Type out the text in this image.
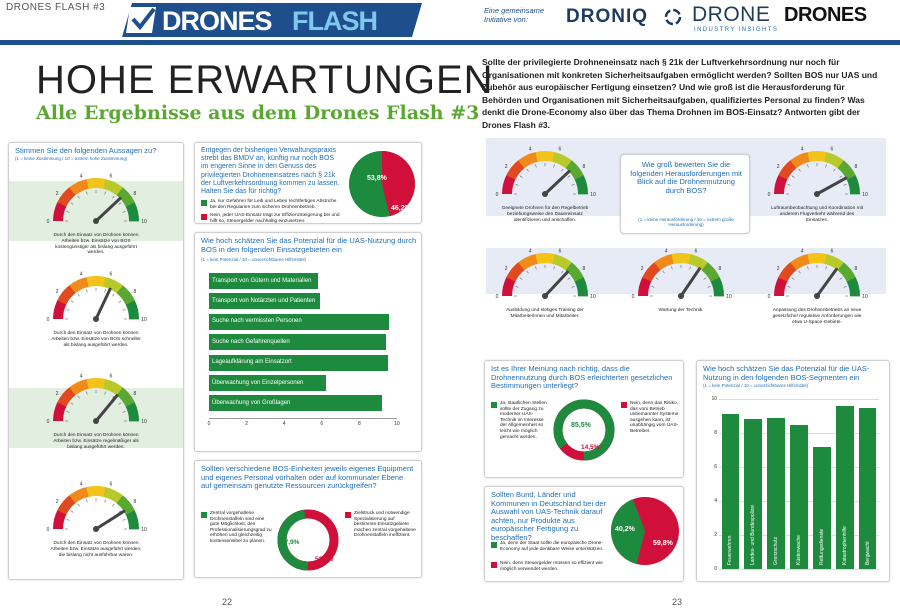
DRONES FLASH #3 DRONES FLASH	Eine gemeinsame
Initiative von:	DRONIQ DRONE
INDUSTRY INSIGHTS
DRONES
HOHE ERWARTUNGEN
Alle Ergebnisse aus dem Drones Flash #3
Sollte der privilegierte Drohneneinsatz nach § 21k der Luftverkehrsordnung nur noch für Organisationen mit konkreten Sicherheitsaufgaben ermöglicht werden? Sollten BOS nur UAS und Zubehör aus europäischer Fertigung einsetzen? Und wie groß ist die Herausforderung für Behörden und Organisationen mit Sicherheitsaufgaben, qualifiziertes Personal zu finden? Was denkt die Drone-Economy also über das Thema Drohnen im BOS-Einsatz? Antworten gibt der Drones Flash #3.
Stimmen Sie den folgenden Aussagen zu?
(1 = keine Zustimmung / 10 = extrem hohe Zustimmung)
0
2
4	6
8
10
Durch den Einsatz von Drohnen können Arbeiten bzw. Einsätze von BOS kostengünstiger als bislang ausgeführt werden.
0
2
4	6
8
10
Durch den Einsatz von Drohnen können Arbeiten bzw. Einsätze von BOS schneller als bislang ausgeführt werden.
0
2
4	6
8
10
Durch den Einsatz von Drohnen können Arbeiten bzw. Einsätze regelmäßiger als bislang ausgeführt werden.
0
2
4	6
8
10
Durch den Einsatz von Drohnen können Arbeiten bzw. Einsätze ausgeführt werden, die bislang nicht ausführbar waren.
Entgegen der bisherigen Verwaltungspraxis strebt das BMDV an, künftig nur noch BOS im engeren Sinne in den Genuss des privilegierten Drohneneinsatzes nach § 21k der Luftverkehrsordnung kommen zu lassen. Halten Sie das für richtig?
Ja, nur Gefahren für Leib und Leben rechtfertigen Abstriche bei den Regularien zum sicheren Drohnenbetrieb.
Nein, jeder UAS-Einsatz trägt zur Effizienzsteigerung bei und hilft so, Steuergelder nachhaltig einzusetzen.
53,8%
46,2%
Wie hoch schätzen Sie das Potenzial für die UAS-Nutzung durch BOS in den folgenden Einsatzgebieten ein
(1 = kein Potenzial / 10 = unverzichtbares Hilfsmittel)
Transport von Gütern und Materialien
Transport von Notärzten und Patienten
Suche nach vermissten Personen
Suche nach Gefahrenquellen
Lageaufklärung am Einsatzort
Überwachung von Einzelpersonen
Überwachung von Großlagen
0	2	4	6	8	10
Sollten verschiedene BOS-Einheiten jeweils eigenes Equipment und eigenes Personal vorhalten oder auf kommunaler Ebene auf gemeinsam genutzte Ressourcen zurückgreifen?
Zentral vorgehaltene Drohnenstaffeln sind eine gute Möglichkeit, den Professionalisierungsgrad zu erhöhen und gleichzeitig kostensensibel zu planen.	47,9%
52,1%
Zielstruck und notwendige Spezialisierung auf bestimmte Einsatzgebiete machen zentral vorgehaltene Drohnenstaffeln ineffizient.
Wie groß bewerten Sie die folgenden Herausforderungen mit Blick auf die Drohnennutzung durch BOS?
(1 = keine Herausforderung / 10 = extrem große Herausforderung)
0
2
4	6
8
10
Geeignete Drohnen für den Regelbetrieb beziehungsweise den Dauereinsatz identifizieren und anschaffen.
0
2
4	6
8
10
Luftraumbeobachtung und Koordination mit anderem Flugverkehr während des Einsatzes.
0
2
4	6
8
10
Ausbildung und stetiges Training der Mitarbeiterinnen und Mitarbeiter.
0
2
4	6
8
10
Wartung der Technik.
0
2
4	6
8
10
Anpassung des Drohnenbetriebs an neue gesetzliche/ regulative Anforderungen wie etwa U-Space-Gebiete.
Ist es Ihrer Meinung nach richtig, dass die Drohnennutzung durch BOS erleichterten gesetzlichen Bestimmungen unterliegt?
Ja, staatlichen Stellen sollte der Zugang zu moderner UAS-Technik im Interesse der Allgemeinheit so leicht wie möglich gemacht werden.
85,5%
14,5%
Nein, denn das Risiko, das vom Betrieb unbemannter Systeme ausgehen kann, ist unabhängig vom UAS-Betreiber.
Sollten Bund, Länder und Kommunen in Deutschland bei der Auswahl von UAS-Technik darauf achten, nur Produkte aus europäischer Fertigung zu beschaffen?
Ja, denn der Staat sollte die europäische Drone-Economy auf jede denkbare Weise unterstützen.
Nein, denn Steuergelder müssen so effizient wie möglich verwendet werden.
40,2%
59,8%
Wie hoch schätzen Sie das Potenzial für die UAS-Nutzung in den folgenden BOS-Segmenten ein
(1 = kein Potenzial / 10 = unverzichtbares Hilfsmittel)
10
8
6
4
2
0
Feuerwehren	Landes- und Bundespolizei	Grenzschutz	Küstenwache	Rettungsdienste	Katastrophenhilfe	Bergwacht
22	23
